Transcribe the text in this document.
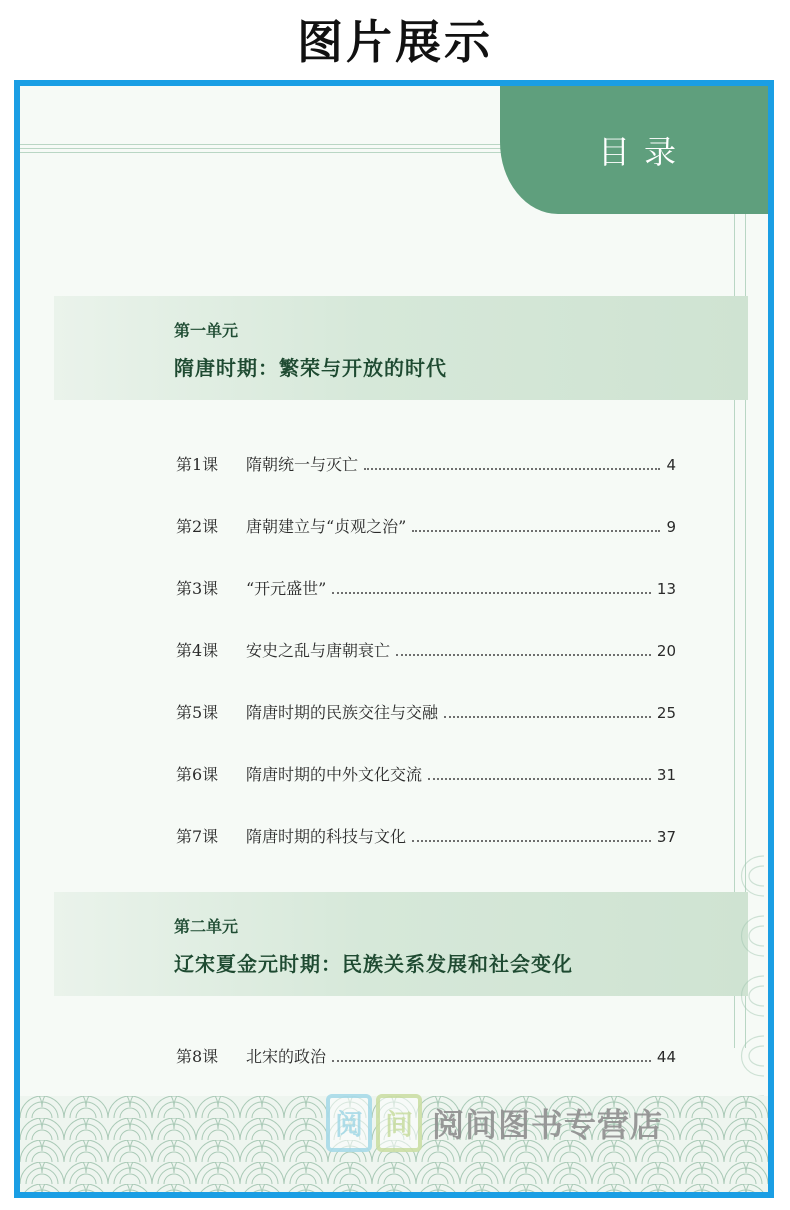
图片展示
目录
第一单元
隋唐时期：繁荣与开放的时代
第1课	隋朝统一与灭亡	4
第2课	唐朝建立与“贞观之治”	9
第3课	“开元盛世”	13
第4课	安史之乱与唐朝衰亡	20
第5课	隋唐时期的民族交往与交融	25
第6课	隋唐时期的中外文化交流	31
第7课	隋唐时期的科技与文化	37
第二单元
辽宋夏金元时期：民族关系发展和社会变化
第8课	北宋的政治	44
阅 间 阅间图书专营店
